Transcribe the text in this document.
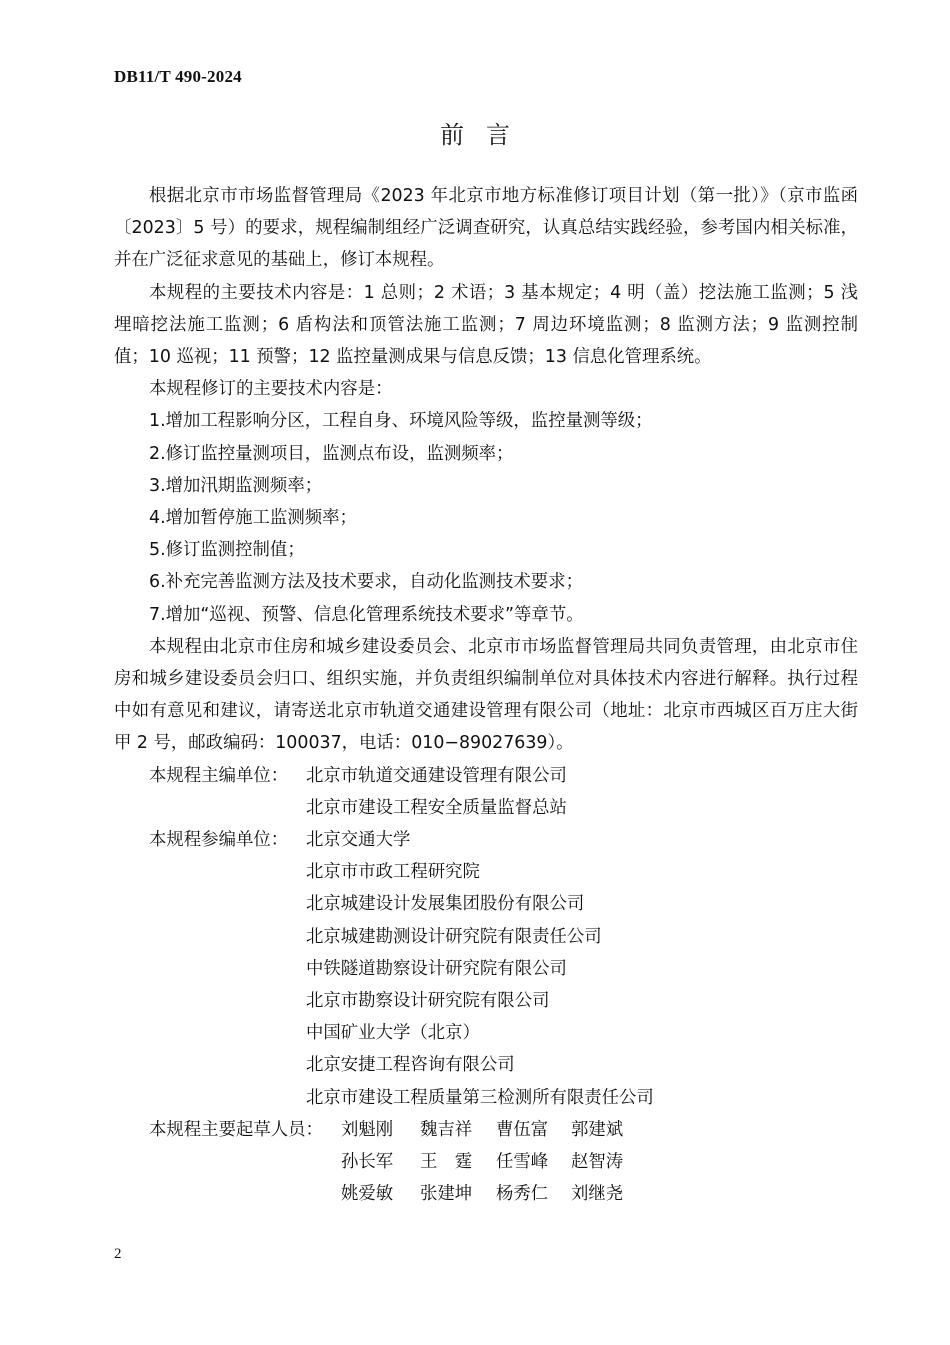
DB11/T 490-2024
前言

根据北京市市场监督管理局《2023 年北京市地方标准修订项目计划（第一批）》（京市监函〔2023〕5 号）的要求，规程编制组经广泛调查研究，认真总结实践经验，参考国内相关标准，并在广泛征求意见的基础上，修订本规程。

本规程的主要技术内容是：1 总则；2 术语；3 基本规定；4 明（盖）挖法施工监测；5 浅埋暗挖法施工监测；6 盾构法和顶管法施工监测；7 周边环境监测；8 监测方法；9 监测控制值；10 巡视；11 预警；12 监控量测成果与信息反馈；13 信息化管理系统。

本规程修订的主要技术内容是：

1.增加工程影响分区，工程自身、环境风险等级，监控量测等级；

2.修订监控量测项目，监测点布设，监测频率；

3.增加汛期监测频率；

4.增加暂停施工监测频率；

5.修订监测控制值；

6.补充完善监测方法及技术要求，自动化监测技术要求；

7.增加“巡视、预警、信息化管理系统技术要求”等章节。

本规程由北京市住房和城乡建设委员会、北京市市场监督管理局共同负责管理，由北京市住房和城乡建设委员会归口、组织实施，并负责组织编制单位对具体技术内容进行解释。执行过程中如有意见和建议，请寄送北京市轨道交通建设管理有限公司（地址：北京市西城区百万庄大街甲 2 号，邮政编码：100037，电话：010−89027639）。

本规程主编单位： 北京市轨道交通建设管理有限公司
北京市建设工程安全质量监督总站
本规程参编单位： 北京交通大学
北京市市政工程研究院
北京城建设计发展集团股份有限公司
北京城建勘测设计研究院有限责任公司
中铁隧道勘察设计研究院有限公司
北京市勘察设计研究院有限公司
中国矿业大学（北京）
北京安捷工程咨询有限公司
北京市建设工程质量第三检测所有限责任公司
本规程主要起草人员： 刘魁刚	魏吉祥	曹伍富	郭建斌
孙长军	王　霆	任雪峰	赵智涛
姚爱敏	张建坤	杨秀仁	刘继尧
2
